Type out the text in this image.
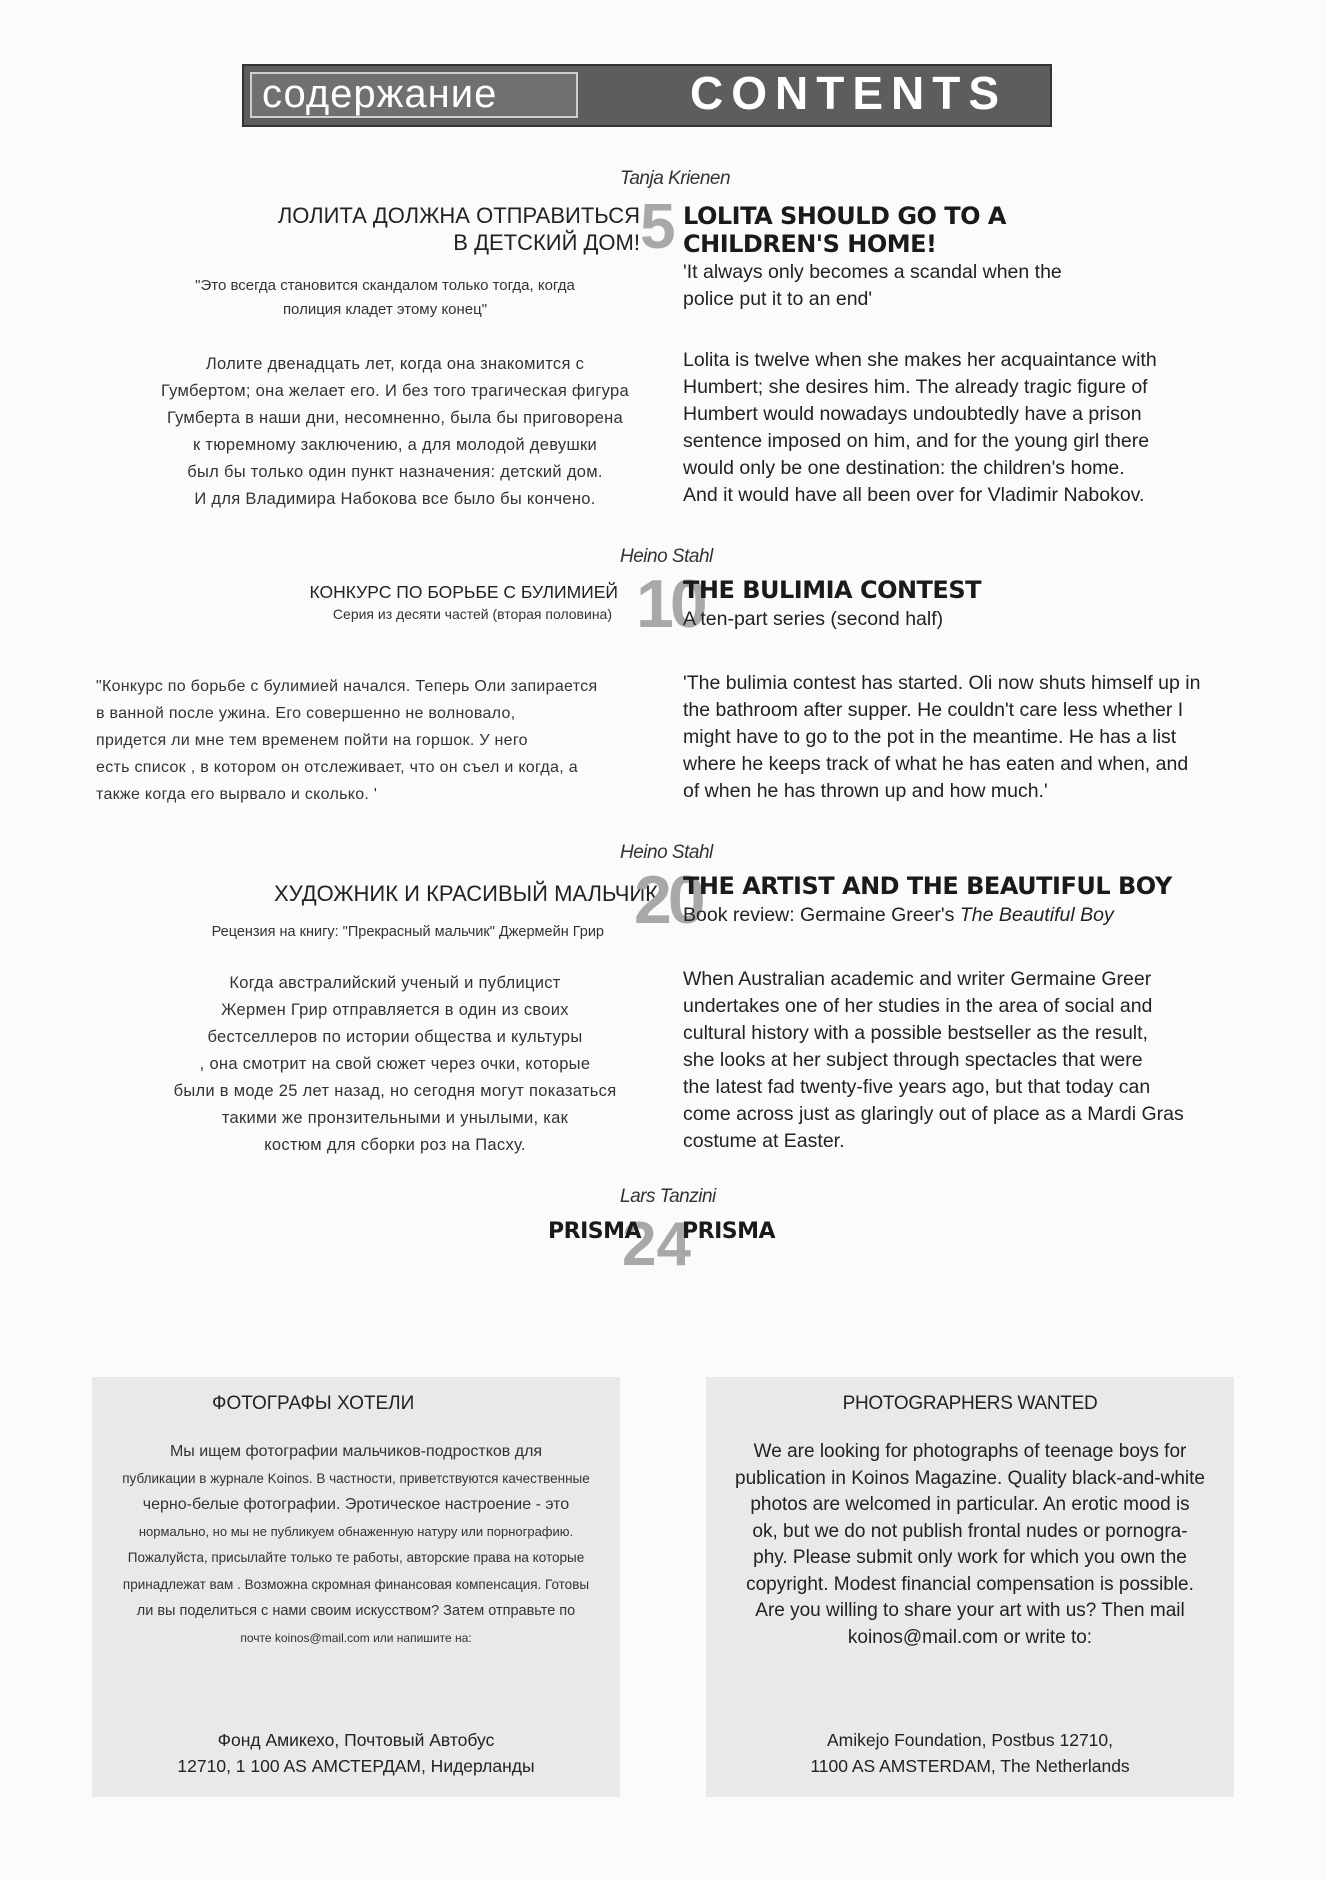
содержание	CONTENTS
Tanja Krienen
ЛОЛИТА ДОЛЖНА ОТПРАВИТЬСЯ
В ДЕТСКИЙ ДОМ! 5 LOLITA SHOULD GO TO A
CHILDREN'S HOME!
"Это всегда становится скандалом только тогда, когда
полиция кладет этому конец"
'It always only becomes a scandal when the
police put it to an end'
Лолите двенадцать лет, когда она знакомится с
Гумбертом; она желает его. И без того трагическая фигура
Гумберта в наши дни, несомненно, была бы приговорена
к тюремному заключению, а для молодой девушки
был бы только один пункт назначения: детский дом.
И для Владимира Набокова все было бы кончено.
Lolita is twelve when she makes her acquaintance with
Humbert; she desires him. The already tragic figure of
Humbert would nowadays undoubtedly have a prison
sentence imposed on him, and for the young girl there
would only be one destination: the children's home.
And it would have all been over for Vladimir Nabokov.
Heino Stahl
КОНКУРС ПО БОРЬБЕ С БУЛИМИЕЙ
Серия из десяти частей (вторая половина) 10
THE BULIMIA CONTEST
A ten-part series (second half)
"Конкурс по борьбе с булимией начался. Теперь Оли запирается
в ванной после ужина. Его совершенно не волновало,
придется ли мне тем временем пойти на горшок. У него
есть список , в котором он отслеживает, что он съел и когда, а
также когда его вырвало и сколько. '
'The bulimia contest has started. Oli now shuts himself up in
the bathroom after supper. He couldn't care less whether I
might have to go to the pot in the meantime. He has a list
where he keeps track of what he has eaten and when, and
of when he has thrown up and how much.'
Heino Stahl
ХУДОЖНИК И КРАСИВЫЙ МАЛЬЧИК
Рецензия на книгу: "Прекрасный мальчик" Джермейн Грир 20
THE ARTIST AND THE BEAUTIFUL BOY
Book review: Germaine Greer's The Beautiful Boy
Когда австралийский ученый и публицист
Жермен Грир отправляется в один из своих
бестселлеров по истории общества и культуры
, она смотрит на свой сюжет через очки, которые
были в моде 25 лет назад, но сегодня могут показаться
такими же пронзительными и унылыми, как
костюм для сборки роз на Пасху.
When Australian academic and writer Germaine Greer
undertakes one of her studies in the area of social and
cultural history with a possible bestseller as the result,
she looks at her subject through spectacles that were
the latest fad twenty-five years ago, but that today can
come across just as glaringly out of place as a Mardi Gras
costume at Easter.
Lars Tanzini
24
PRISMA PRISMA
ФОТОГРАФЫ ХОТЕЛИ
Мы ищем фотографии мальчиков-подростков для
публикации в журнале Koinos. В частности, приветствуются качественные
черно-белые фотографии. Эротическое настроение - это
нормально, но мы не публикуем обнаженную натуру или порнографию.
Пожалуйста, присылайте только те работы, авторские права на которые
принадлежат вам . Возможна скромная финансовая компенсация. Готовы
ли вы поделиться с нами своим искусством? Затем отправьте по
почте koinos@mail.com или напишите на:
Фонд Амикехо, Почтовый Автобус
12710, 1 100 AS АМСТЕРДАМ, Нидерланды
PHOTOGRAPHERS WANTED
We are looking for photographs of teenage boys for
publication in Koinos Magazine. Quality black-and-white
photos are welcomed in particular. An erotic mood is
ok, but we do not publish frontal nudes or pornogra-
phy. Please submit only work for which you own the
copyright. Modest financial compensation is possible.
Are you willing to share your art with us? Then mail
koinos@mail.com or write to:
Amikejo Foundation, Postbus 12710,
1100 AS AMSTERDAM, The Netherlands
